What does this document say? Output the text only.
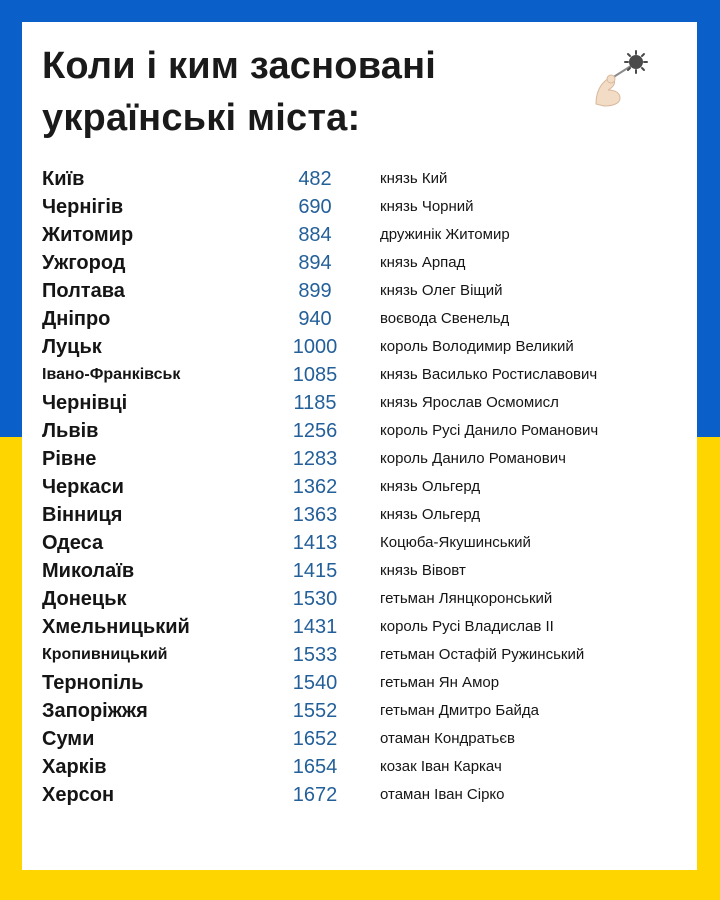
Коли і ким засновані українські міста:
Київ	482	князь Кий
Чернігів	690	князь Чорний
Житомир	884	дружинік Житомир
Ужгород	894	князь Арпад
Полтава	899	князь Олег Віщий
Дніпро	940	воєвода Свенельд
Луцьк	1000	король Володимир Великий
Івано-Франківськ	1085	князь Василько Ростиславович
Чернівці	1185	князь Ярослав Осмомисл
Львів	1256	король Русі Данило Романович
Рівне	1283	король Данило Романович
Черкаси	1362	князь Ольгерд
Вінниця	1363	князь Ольгерд
Одеса	1413	Коцюба-Якушинський
Миколаїв	1415	князь Вівовт
Донецьк	1530	гетьман Лянцкоронський
Хмельницький	1431	король Русі Владислав ІІ
Кропивницький	1533	гетьман Остафій Ружинський
Тернопіль	1540	гетьман Ян Амор
Запоріжжя	1552	гетьман Дмитро Байда
Суми	1652	отаман Кондратьєв
Харків	1654	козак Іван Каркач
Херсон	1672	отаман Іван Сірко
